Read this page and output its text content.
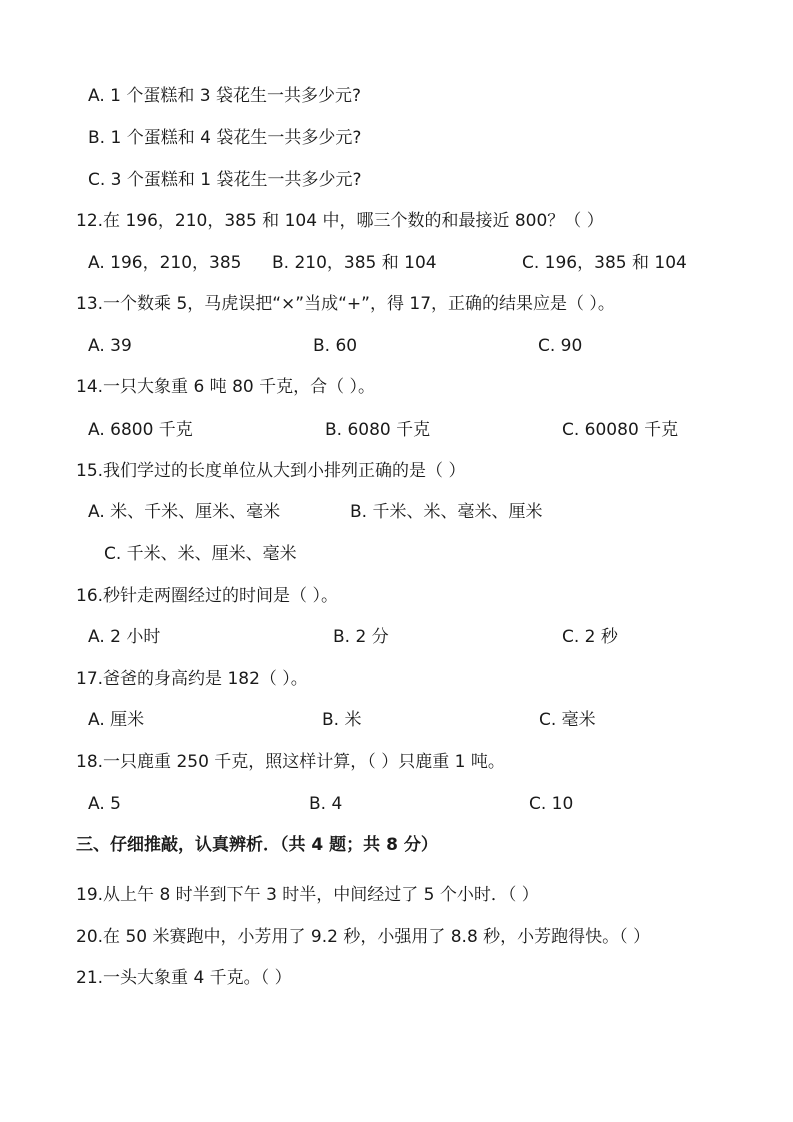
A. 1 个蛋糕和 3 袋花生一共多少元?
B. 1 个蛋糕和 4 袋花生一共多少元?
C. 3 个蛋糕和 1 袋花生一共多少元?
12.在 196，210，385 和 104 中，哪三个数的和最接近 800？（ ）
A. 196，210，385 B. 210，385 和 104	C. 196，385 和 104
13.一个数乘 5，马虎误把“×”当成“+”，得 17，正确的结果应是（ ）。
A. 39	B. 60	C. 90
14.一只大象重 6 吨 80 千克，合（ ）。
A. 6800 千克	B. 6080 千克	C. 60080 千克
15.我们学过的长度单位从大到小排列正确的是（ ）
A. 米、千米、厘米、毫米	B. 千米、米、毫米、厘米
C. 千米、米、厘米、毫米
16.秒针走两圈经过的时间是（ ）。
A. 2 小时	B. 2 分	C. 2 秒
17.爸爸的身高约是 182（ ）。
A. 厘米	B. 米	C. 毫米
18.一只鹿重 250 千克，照这样计算，（ ）只鹿重 1 吨。
A. 5	B. 4	C. 10
三、仔细推敲，认真辨析．（共 4 题；共 8 分）
19.从上午 8 时半到下午 3 时半，中间经过了 5 个小时．（ ）
20.在 50 米赛跑中，小芳用了 9.2 秒，小强用了 8.8 秒，小芳跑得快。（ ）
21.一头大象重 4 千克。（ ）
